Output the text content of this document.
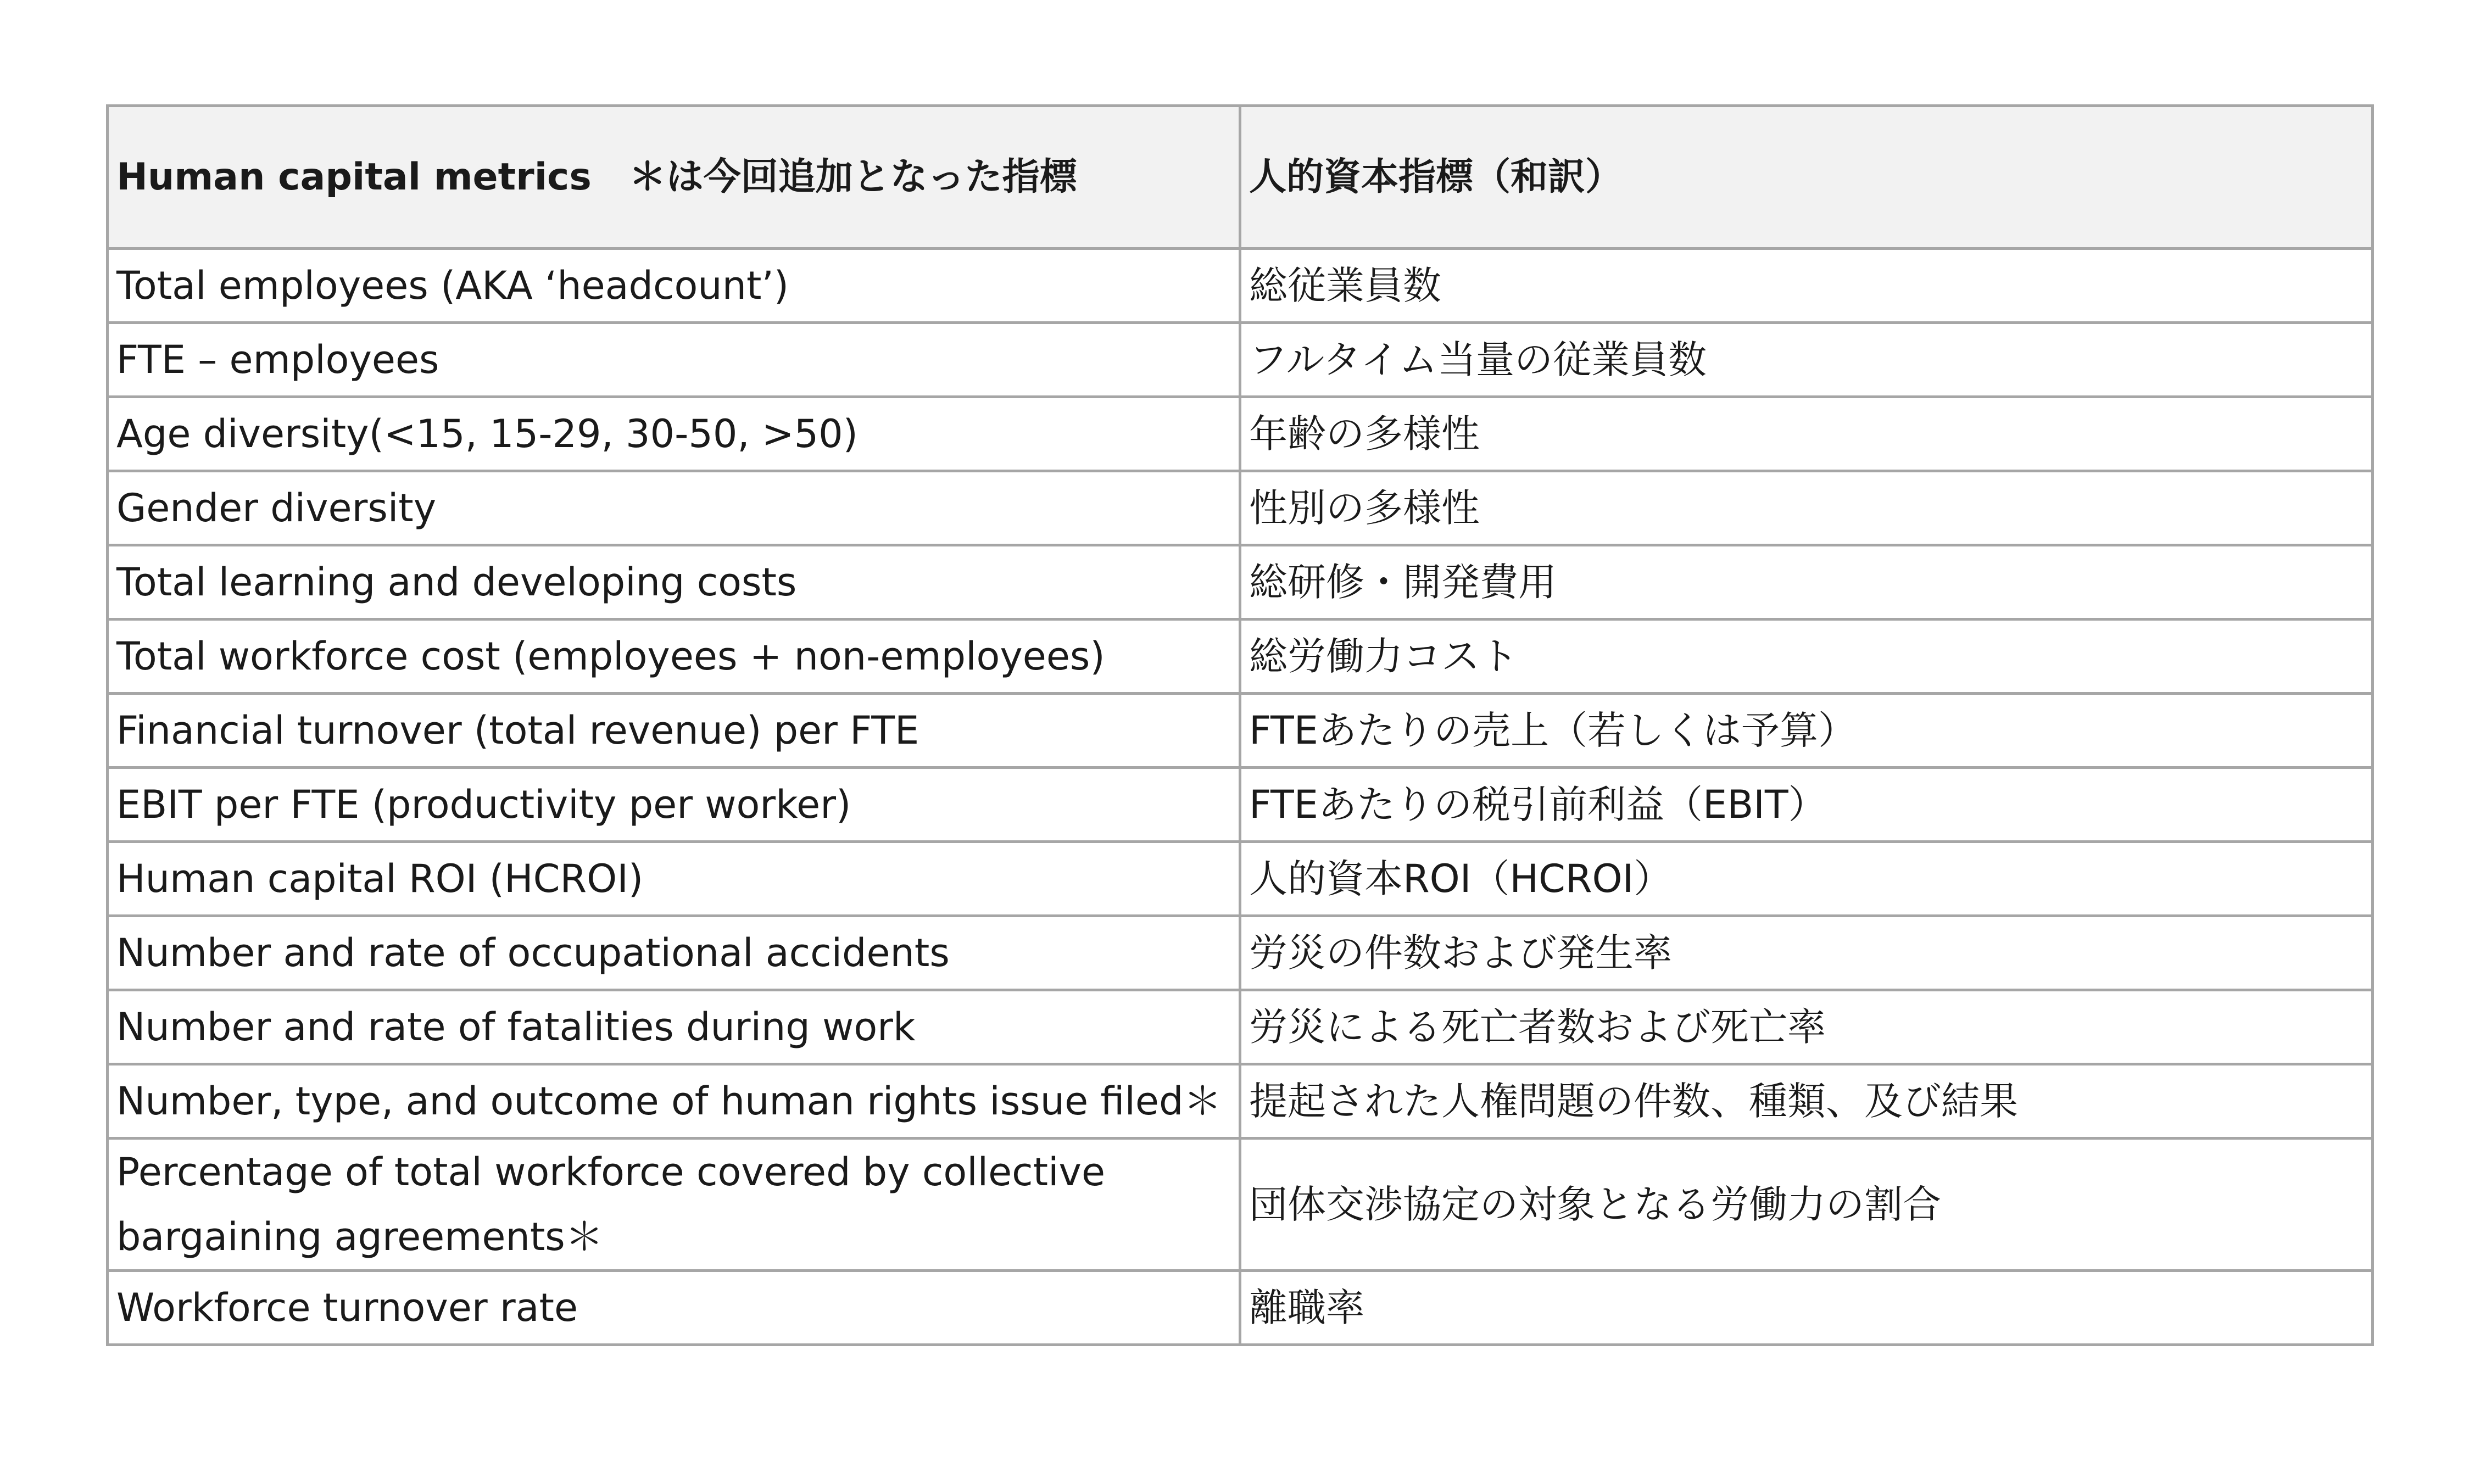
Human capital metrics　＊は今回追加となった指標	人的資本指標（和訳）
Total employees (AKA ‘headcount’)	総従業員数
FTE – employees	フルタイム当量の従業員数
Age diversity(<15, 15-29, 30-50, >50)	年齢の多様性
Gender diversity	性別の多様性
Total learning and developing costs	総研修・開発費用
Total workforce cost (employees + non-employees)	総労働力コスト
Financial turnover (total revenue) per FTE	FTEあたりの売上（若しくは予算）
EBIT per FTE (productivity per worker)	FTEあたりの税引前利益（EBIT）
Human capital ROI (HCROI)	人的資本ROI（HCROI）
Number and rate of occupational accidents	労災の件数および発生率
Number and rate of fatalities during work	労災による死亡者数および死亡率
Number, type, and outcome of human rights issue filed＊	提起された人権問題の件数、種類、及び結果
Percentage of total workforce covered by collective bargaining agreements＊	団体交渉協定の対象となる労働力の割合
Workforce turnover rate	離職率
